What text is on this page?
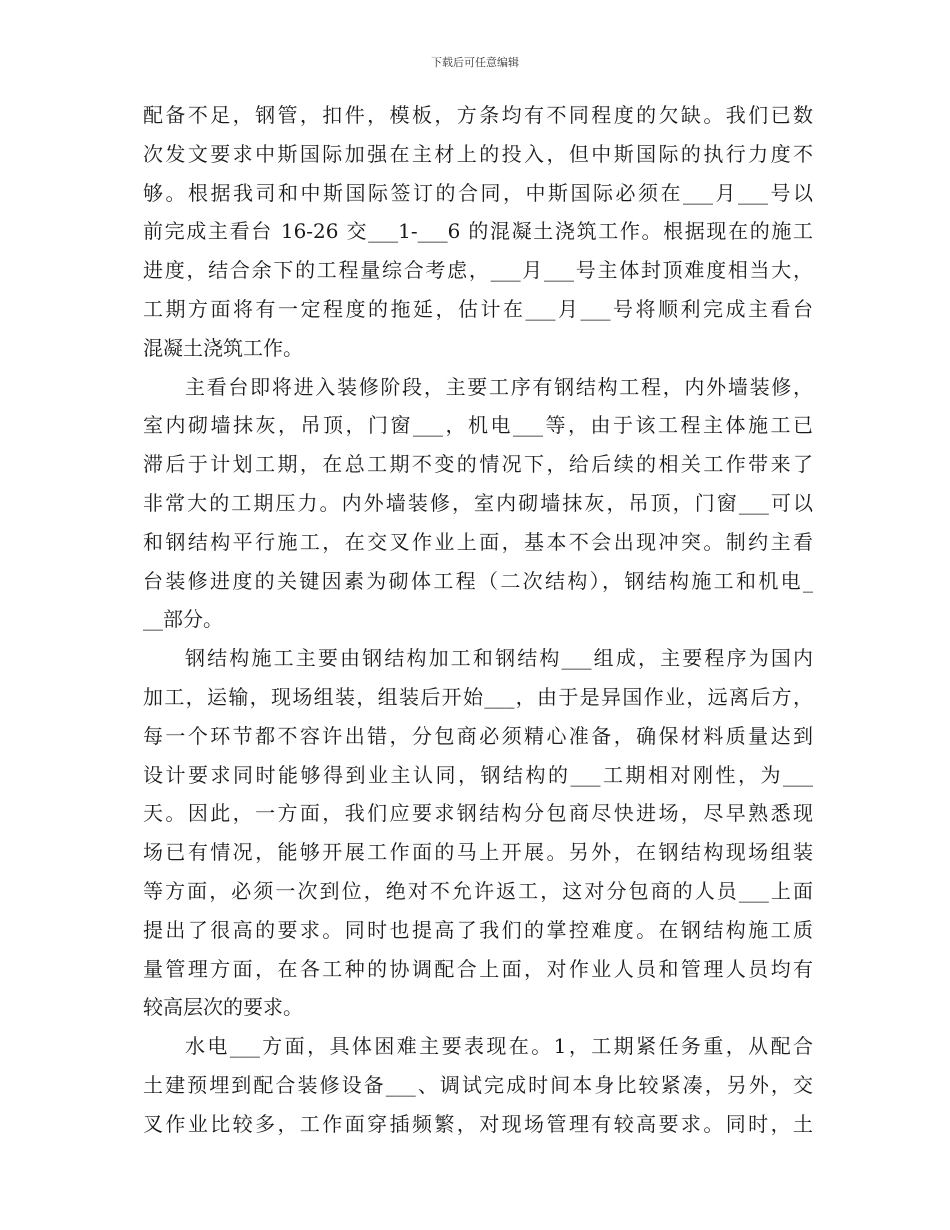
下载后可任意编辑
配备不足，钢管，扣件，模板，方条均有不同程度的欠缺。我们已数
次发文要求中斯国际加强在主材上的投入，但中斯国际的执行力度不
够。根据我司和中斯国际签订的合同，中斯国际必须在___月___号以
前完成主看台 16-26 交___1-___6 的混凝土浇筑工作。根据现在的施工
进度，结合余下的工程量综合考虑，___月___号主体封顶难度相当大，
工期方面将有一定程度的拖延，估计在___月___号将顺利完成主看台
混凝土浇筑工作。
主看台即将进入装修阶段，主要工序有钢结构工程，内外墙装修，
室内砌墙抹灰，吊顶，门窗___，机电___等，由于该工程主体施工已
滞后于计划工期，在总工期不变的情况下，给后续的相关工作带来了
非常大的工期压力。内外墙装修，室内砌墙抹灰，吊顶，门窗___可以
和钢结构平行施工，在交叉作业上面，基本不会出现冲突。制约主看
台装修进度的关键因素为砌体工程（二次结构），钢结构施工和机电_
__部分。
钢结构施工主要由钢结构加工和钢结构___组成，主要程序为国内
加工，运输，现场组装，组装后开始___，由于是异国作业，远离后方，
每一个环节都不容许出错，分包商必须精心准备，确保材料质量达到
设计要求同时能够得到业主认同，钢结构的___工期相对刚性，为___
天。因此，一方面，我们应要求钢结构分包商尽快进场，尽早熟悉现
场已有情况，能够开展工作面的马上开展。另外，在钢结构现场组装
等方面，必须一次到位，绝对不允许返工，这对分包商的人员___上面
提出了很高的要求。同时也提高了我们的掌控难度。在钢结构施工质
量管理方面，在各工种的协调配合上面，对作业人员和管理人员均有
较高层次的要求。
水电___方面，具体困难主要表现在。1，工期紧任务重，从配合
土建预埋到配合装修设备___、调试完成时间本身比较紧凑，另外，交
叉作业比较多，工作面穿插频繁，对现场管理有较高要求。同时，土
